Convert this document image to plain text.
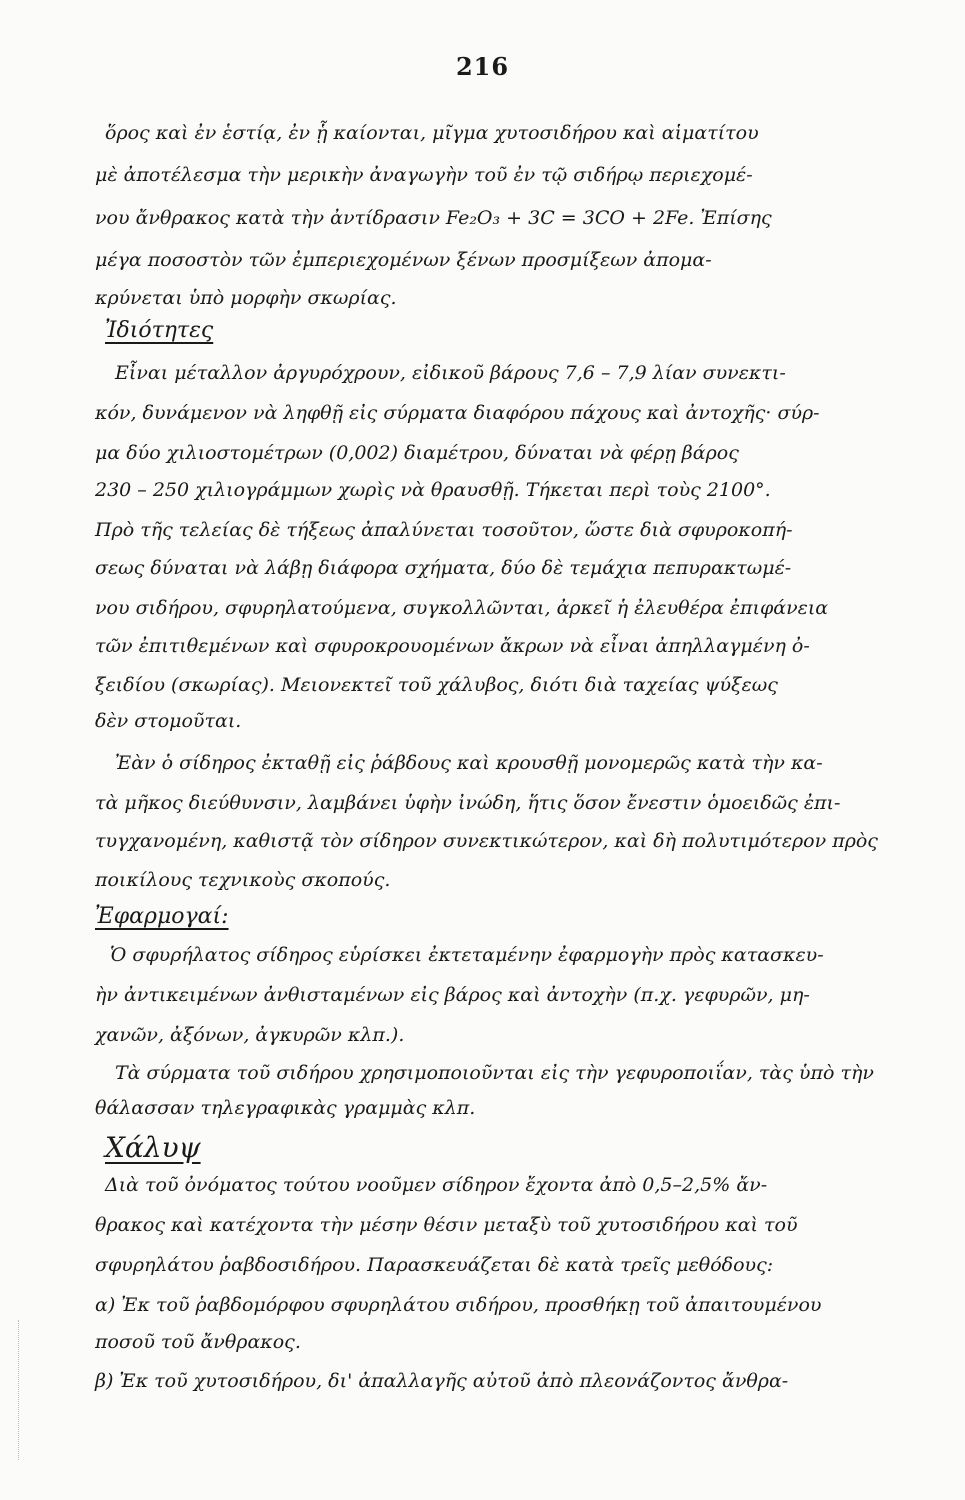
216
ὅρος καὶ ἐν ἑστίᾳ, ἐν ᾗ καίονται, μῖγμα χυτοσιδήρου καὶ αἱματίτου
μὲ ἀποτέλεσμα τὴν μερικὴν ἀναγωγὴν τοῦ ἐν τῷ σιδήρῳ περιεχομέ-
νου ἄνθρακος κατὰ τὴν ἀντίδρασιν Fe₂O₃ + 3C = 3CO + 2Fe. Ἐπίσης
μέγα ποσοστὸν τῶν ἐμπεριεχομένων ξένων προσμίξεων ἀπομα-
κρύνεται ὑπὸ μορφὴν σκωρίας.
Ἰδιότητες
Εἶναι μέταλλον ἀργυρόχρουν, εἰδικοῦ βάρους 7,6 – 7,9 λίαν συνεκτι-
κόν, δυνάμενον νὰ ληφθῇ εἰς σύρματα διαφόρου πάχους καὶ ἀντοχῆς· σύρ-
μα δύο χιλιοστομέτρων (0,002) διαμέτρου, δύναται νὰ φέρῃ βάρος
230 – 250 χιλιογράμμων χωρὶς νὰ θραυσθῇ. Τήκεται περὶ τοὺς 2100°.
Πρὸ τῆς τελείας δὲ τήξεως ἀπαλύνεται τοσοῦτον, ὥστε διὰ σφυροκοπή-
σεως δύναται νὰ λάβῃ διάφορα σχήματα, δύο δὲ τεμάχια πεπυρακτωμέ-
νου σιδήρου, σφυρηλατούμενα, συγκολλῶνται, ἀρκεῖ ἡ ἐλευθέρα ἐπιφάνεια
τῶν ἐπιτιθεμένων καὶ σφυροκρουομένων ἄκρων νὰ εἶναι ἀπηλλαγμένη ὀ-
ξειδίου (σκωρίας). Μειονεκτεῖ τοῦ χάλυβος, διότι διὰ ταχείας ψύξεως
δὲν στομοῦται.
Ἐὰν ὁ σίδηρος ἐκταθῇ εἰς ῥάβδους καὶ κρουσθῇ μονομερῶς κατὰ τὴν κα-
τὰ μῆκος διεύθυνσιν, λαμβάνει ὑφὴν ἰνώδη, ἥτις ὅσον ἔνεστιν ὁμοειδῶς ἐπι-
τυγχανομένη, καθιστᾷ τὸν σίδηρον συνεκτικώτερον, καὶ δὴ πολυτιμότερον πρὸς
ποικίλους τεχνικοὺς σκοπούς.
Ἐφαρμογαί:
Ὁ σφυρήλατος σίδηρος εὑρίσκει ἐκτεταμένην ἐφαρμογὴν πρὸς κατασκευ-
ὴν ἀντικειμένων ἀνθισταμένων εἰς βάρος καὶ ἀντοχὴν (π.χ. γεφυρῶν, μη-
χανῶν, ἀξόνων, ἀγκυρῶν κλπ.).
Τὰ σύρματα τοῦ σιδήρου χρησιμοποιοῦνται εἰς τὴν γεφυροποιΐαν, τὰς ὑπὸ τὴν
θάλασσαν τηλεγραφικὰς γραμμὰς κλπ.
Χάλυψ
Διὰ τοῦ ὀνόματος τούτου νοοῦμεν σίδηρον ἔχοντα ἀπὸ 0,5–2,5% ἄν-
θρακος καὶ κατέχοντα τὴν μέσην θέσιν μεταξὺ τοῦ χυτοσιδήρου καὶ τοῦ
σφυρηλάτου ῥαβδοσιδήρου. Παρασκευάζεται δὲ κατὰ τρεῖς μεθόδους:
α) Ἐκ τοῦ ῥαβδομόρφου σφυρηλάτου σιδήρου, προσθήκῃ τοῦ ἀπαιτουμένου
ποσοῦ τοῦ ἄνθρακος.
β) Ἐκ τοῦ χυτοσιδήρου, δι' ἀπαλλαγῆς αὐτοῦ ἀπὸ πλεονάζοντος ἄνθρα-
